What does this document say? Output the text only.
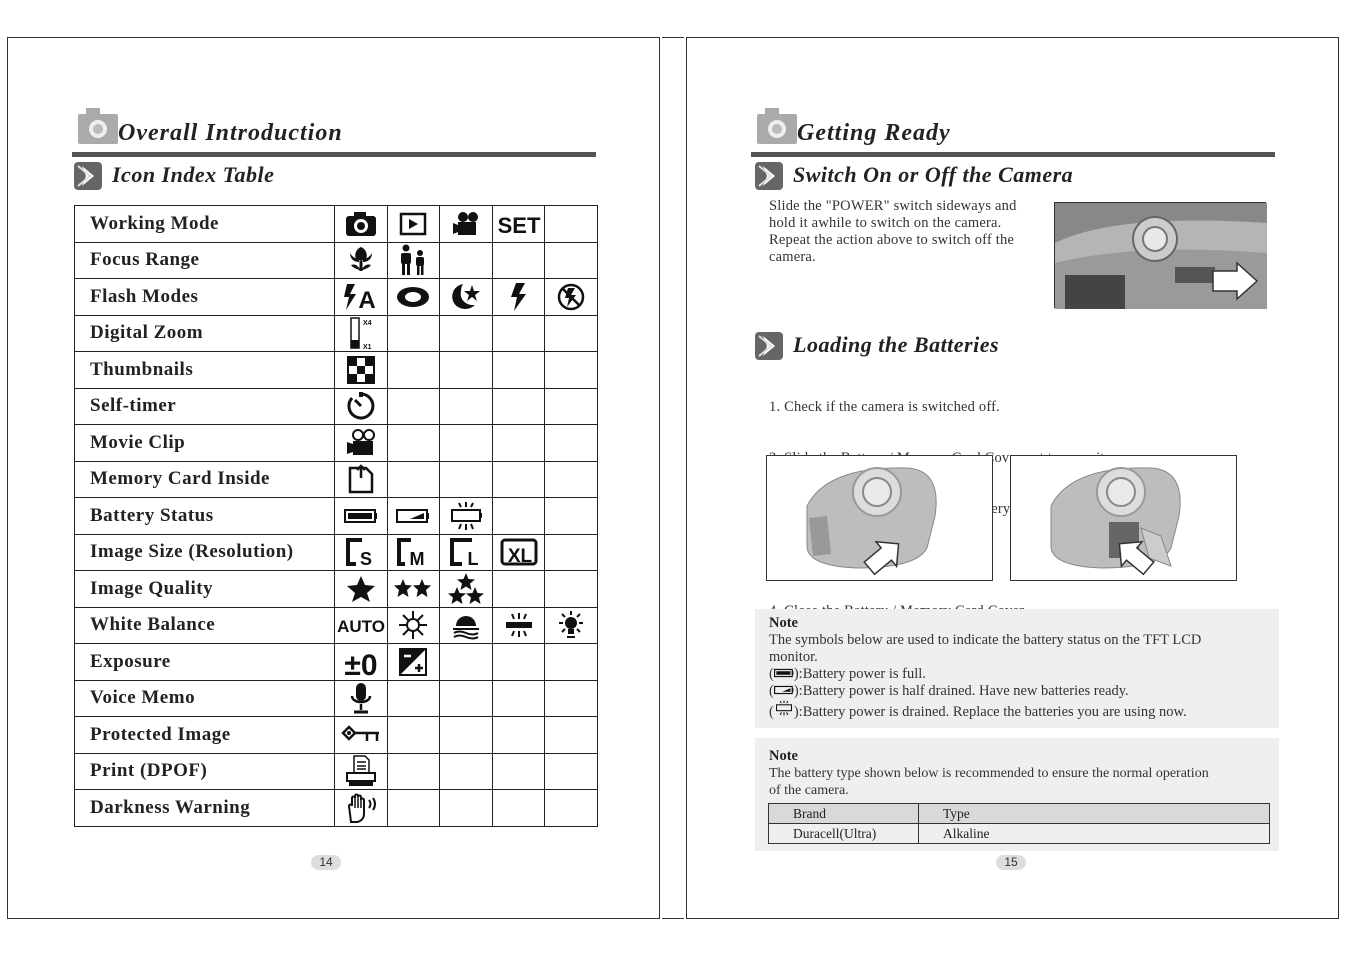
Overall Introduction
Icon Index Table
Working Mode				SET	

Focus Range	

Flash Modes	A

Digital Zoom	X4
X1				

Thumbnails	

Self-timer	

Movie Clip	

Memory Card Inside	

Battery Status	

Image Size (Resolution)	S	M	L	XL	

Image Quality	

White Balance	AUTO

Exposure	±0

Voice Memo	

Protected Image	

Print (DPOF)	

Darkness Warning	

14
Getting Ready
Switch On or Off the Camera
Slide the "POWER" switch sideways and
hold it awhile to switch on the camera.
Repeat the action above to switch off the
camera.
Loading the Batteries

1. Check if the camera is switched off.

Cover

Note
The symbols below are used to indicate the battery status on the TFT LCD
monitor.
( ):Battery power is full.
( ):Battery power is half drained. Have new batteries ready.
( ):Battery power is drained. Replace the batteries you are using now.
Note
The battery type shown below is recommended to ensure the normal operation
of the camera.
Brand	Type
Duracell(Ultra)	Alkaline
15
